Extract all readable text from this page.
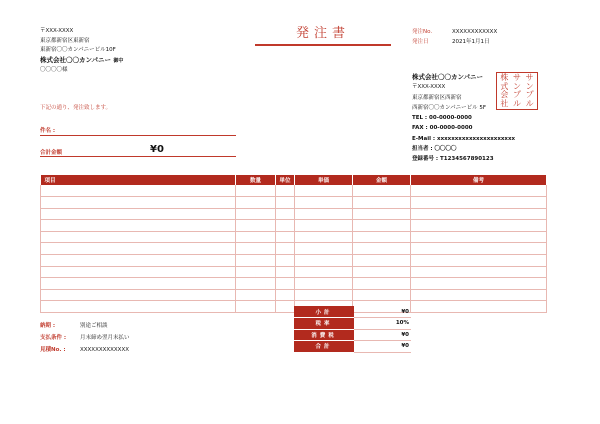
発注書
〒XXX-XXXX
東京都新宿区東新宿
東新宿〇〇カンパニービル10F
株式会社〇〇カンパニー 御中
〇〇〇〇様
発注No.	XXXXXXXXXXXX
発注日	2021年1月1日
株式会社〇〇カンパニー
〒XXX-XXXX
東京都新宿区西新宿
西新宿〇〇カンパニービル 5F
TEL : 00-0000-0000
FAX : 00-0000-0000
E-Mail : xxxxxxxxxxxxxxxxxxxxxx
担当者 : 〇〇〇〇
登録番号 : T1234567890123
株 サ サ
式 ン ン
会 プ プ
社 ル ル
下記の通り、発注致します。
件名 :
合計金額	¥0
項目	数量	単位	単価	金額	備考

納期 :	別途ご相談
支払条件 :	月末締め翌月末払い
見積No. :	XXXXXXXXXXXXX
小計	¥0
税率	10%
消費税	¥0
合計	¥0
